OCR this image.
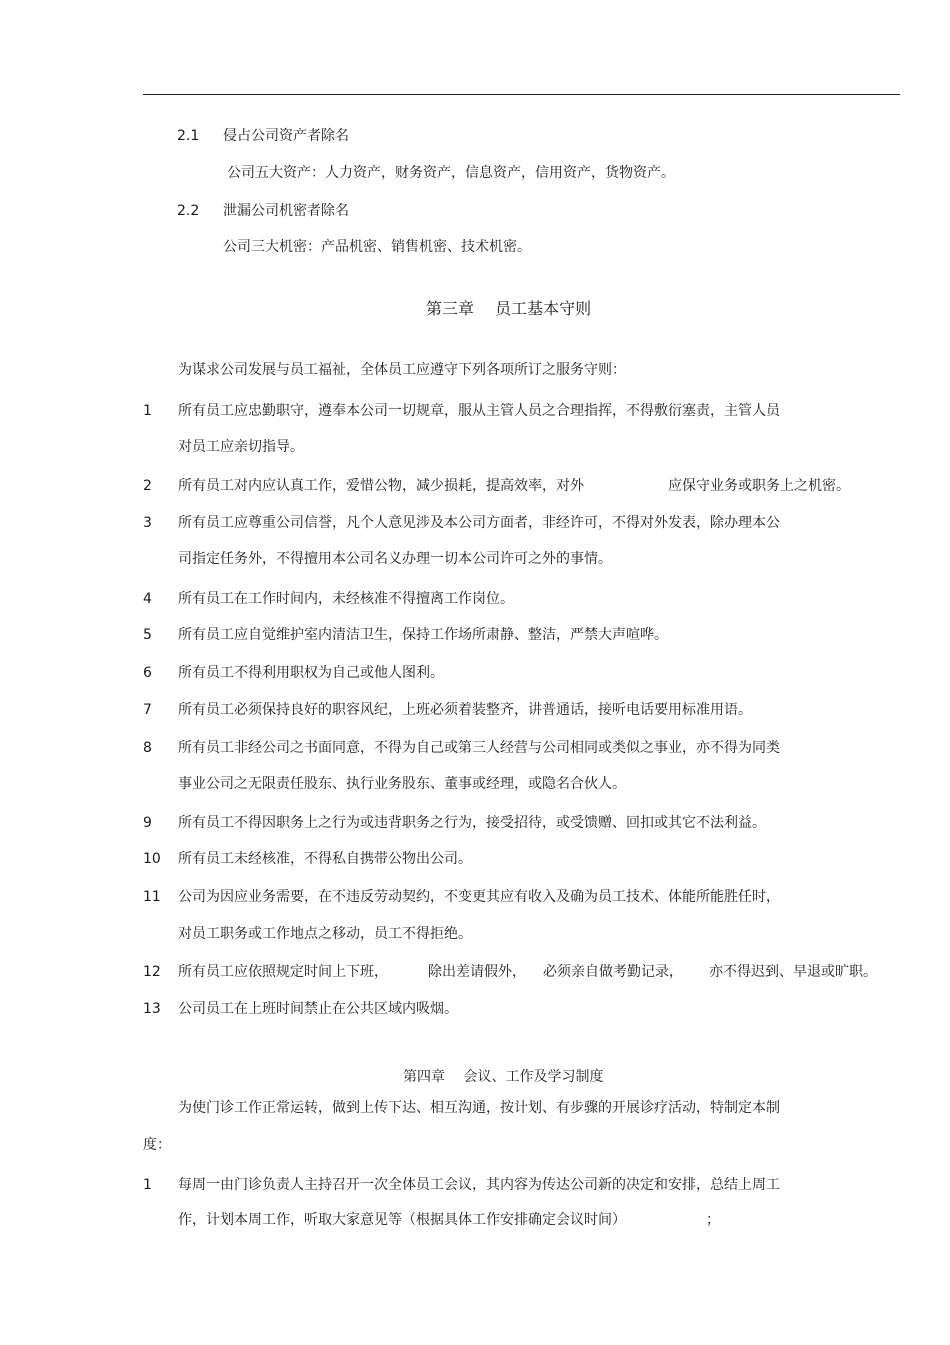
2.1 侵占公司资产者除名
公司五大资产：人力资产，财务资产，信息资产，信用资产，货物资产。
2.2 泄漏公司机密者除名
公司三大机密：产品机密、销售机密、技术机密。
第三章　 员工基本守则
为谋求公司发展与员工福祉，全体员工应遵守下列各项所订之服务守则：
1 所有员工应忠勤职守，遵奉本公司一切规章，服从主管人员之合理指挥，不得敷衍塞责，主管人员
对员工应亲切指导。
2 所有员工对内应认真工作，爱惜公物，减少损耗，提高效率，对外	应保守业务或职务上之机密。
3 所有员工应尊重公司信誉，凡个人意见涉及本公司方面者，非经许可，不得对外发表，除办理本公
司指定任务外，不得擅用本公司名义办理一切本公司许可之外的事情。
4 所有员工在工作时间内，未经核准不得擅离工作岗位。
5 所有员工应自觉维护室内清洁卫生，保持工作场所肃静、整洁，严禁大声喧哗。
6 所有员工不得利用职权为自己或他人图利。
7 所有员工必须保持良好的职容风纪，上班必须着装整齐，讲普通话，接听电话要用标准用语。
8 所有员工非经公司之书面同意，不得为自己或第三人经营与公司相同或类似之事业，亦不得为同类
事业公司之无限责任股东、执行业务股东、董事或经理，或隐名合伙人。
9 所有员工不得因职务上之行为或违背职务之行为，接受招待，或受馈赠、回扣或其它不法利益。
10 所有员工未经核准，不得私自携带公物出公司。
11 公司为因应业务需要，在不违反劳动契约，不变更其应有收入及确为员工技术、体能所能胜任时，
对员工职务或工作地点之移动，员工不得拒绝。
12 所有员工应依照规定时间上下班，	除出差请假外， 必须亲自做考勤记录， 亦不得迟到、早退或旷职。
13 公司员工在上班时间禁止在公共区域内吸烟。
第四章　 会议、工作及学习制度
为使门诊工作正常运转，做到上传下达、相互沟通，按计划、有步骤的开展诊疗活动，特制定本制
度：
1 每周一由门诊负责人主持召开一次全体员工会议，其内容为传达公司新的决定和安排，总结上周工
作，计划本周工作，听取大家意见等（根据具体工作安排确定会议时间）	；
